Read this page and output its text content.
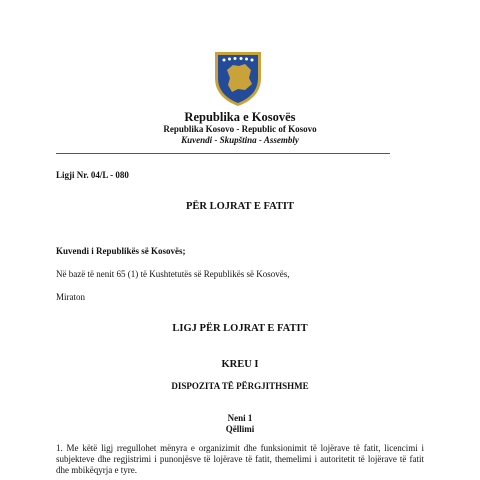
Republika e Kosovës
Republika Kosovo - Republic of Kosovo
Kuvendi - Skupština - Assembly
Ligji Nr. 04/L - 080
PËR LOJRAT E FATIT
Kuvendi i Republikës së Kosovës;
Në bazë të nenit 65 (1) të Kushtetutës së Republikës së Kosovës,
Miraton
LIGJ PËR LOJRAT E FATIT
KREU I
DISPOZITA TË PËRGJITHSHME
Neni 1
Qëllimi

1. Me këtë ligj rregullohet mënyra e organizimit dhe funksionimit të lojërave të fatit, licencimi i subjekteve dhe regjistrimi i punonjësve të lojërave të fatit, themelimi i autoritetit të lojërave të fatit dhe mbikëqyrja e tyre.
